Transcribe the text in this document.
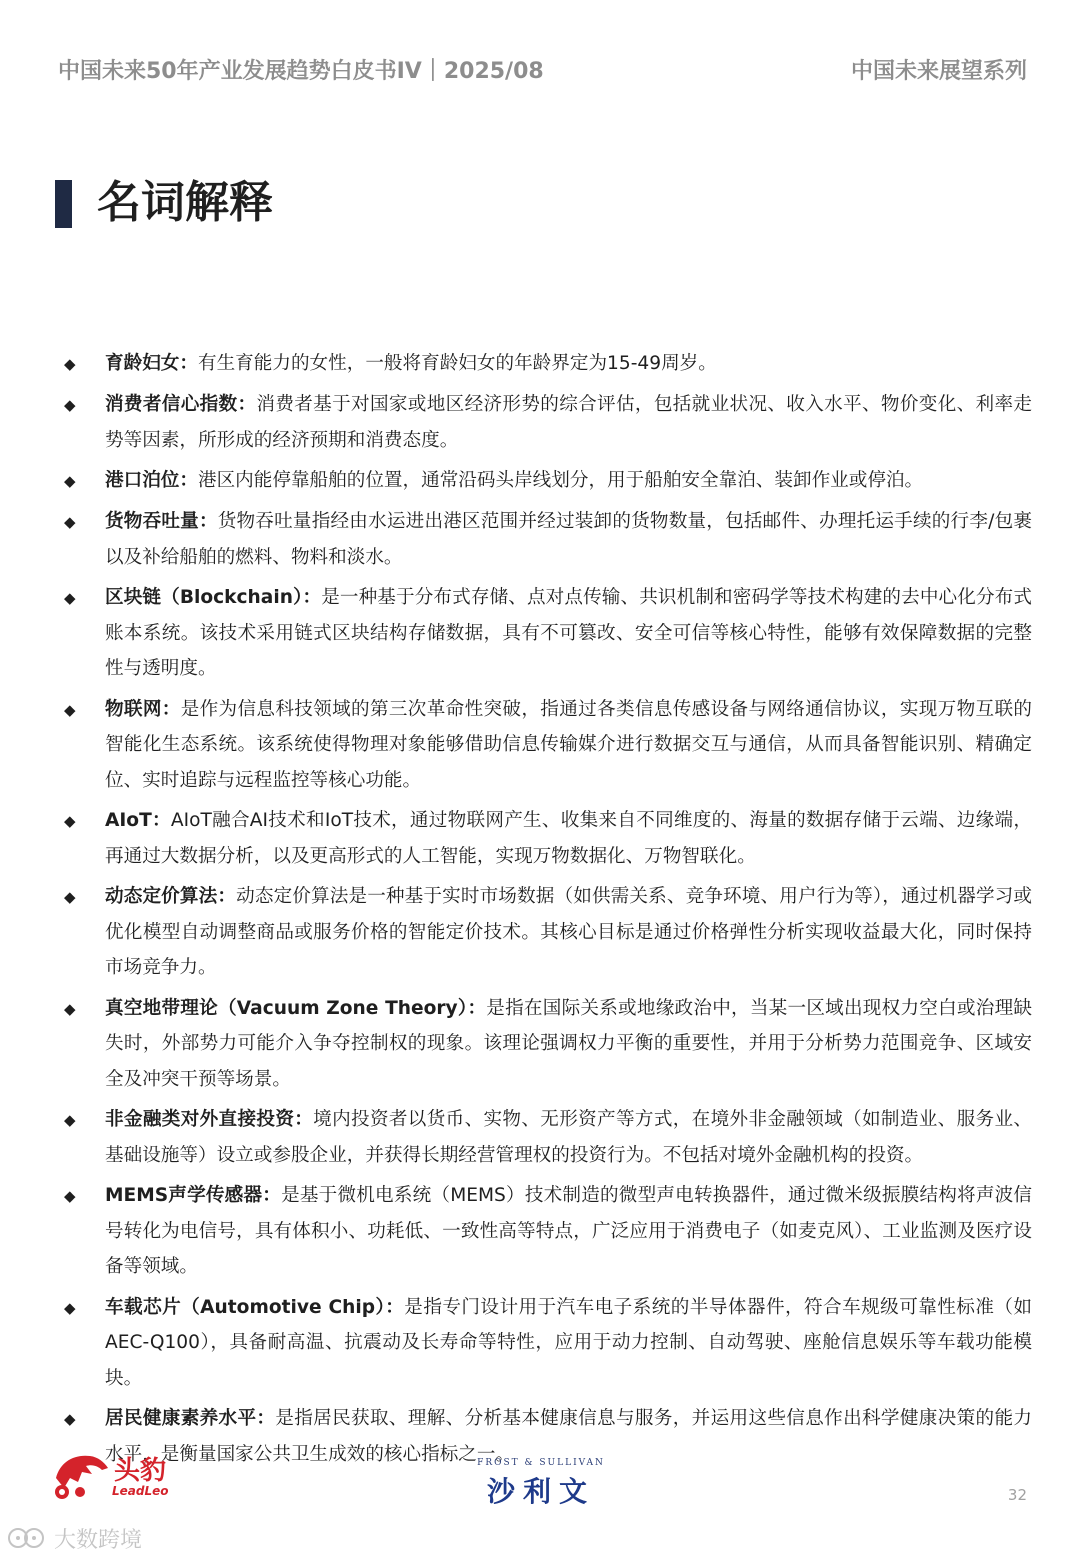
中国未来50年产业发展趋势白皮书IV｜2025/08	中国未来展望系列
名词解释
◆	育龄妇女：有生育能力的女性，一般将育龄妇女的年龄界定为15-49周岁。

◆	消费者信心指数：消费者基于对国家或地区经济形势的综合评估，包括就业状况、收入水平、物价变化、利率走势等因素，所形成的经济预期和消费态度。

◆	港口泊位：港区内能停靠船舶的位置，通常沿码头岸线划分，用于船舶安全靠泊、装卸作业或停泊。

◆	货物吞吐量：货物吞吐量指经由水运进出港区范围并经过装卸的货物数量，包括邮件、办理托运手续的行李/包裹以及补给船舶的燃料、物料和淡水。

◆	区块链（Blockchain）：是一种基于分布式存储、点对点传输、共识机制和密码学等技术构建的去中心化分布式账本系统。该技术采用链式区块结构存储数据，具有不可篡改、安全可信等核心特性，能够有效保障数据的完整性与透明度。

◆	物联网：是作为信息科技领域的第三次革命性突破，指通过各类信息传感设备与网络通信协议，实现万物互联的智能化生态系统。该系统使得物理对象能够借助信息传输媒介进行数据交互与通信，从而具备智能识别、精确定位、实时追踪与远程监控等核心功能。

◆	AIoT：AIoT融合AI技术和IoT技术，通过物联网产生、收集来自不同维度的、海量的数据存储于云端、边缘端，再通过大数据分析，以及更高形式的人工智能，实现万物数据化、万物智联化。

◆	动态定价算法：动态定价算法是一种基于实时市场数据（如供需关系、竞争环境、用户行为等），通过机器学习或优化模型自动调整商品或服务价格的智能定价技术。其核心目标是通过价格弹性分析实现收益最大化，同时保持市场竞争力。

◆	真空地带理论（Vacuum Zone Theory）：是指在国际关系或地缘政治中，当某一区域出现权力空白或治理缺失时，外部势力可能介入争夺控制权的现象。该理论强调权力平衡的重要性，并用于分析势力范围竞争、区域安全及冲突干预等场景。

◆	非金融类对外直接投资：境内投资者以货币、实物、无形资产等方式，在境外非金融领域（如制造业、服务业、基础设施等）设立或参股企业，并获得长期经营管理权的投资行为。不包括对境外金融机构的投资。

◆	MEMS声学传感器：是基于微机电系统（MEMS）技术制造的微型声电转换器件，通过微米级振膜结构将声波信号转化为电信号，具有体积小、功耗低、一致性高等特点，广泛应用于消费电子（如麦克风）、工业监测及医疗设备等领域。

◆	车载芯片（Automotive Chip）：是指专门设计用于汽车电子系统的半导体器件，符合车规级可靠性标准（如AEC-Q100），具备耐高温、抗震动及长寿命等特性，应用于动力控制、自动驾驶、座舱信息娱乐等车载功能模块。

◆	居民健康素养水平：是指居民获取、理解、分析基本健康信息与服务，并运用这些信息作出科学健康决策的能力水平，是衡量国家公共卫生成效的核心指标之一。

头豹
LeadLeo
FROST & SULLIVAN
沙利文	32
大数跨境
